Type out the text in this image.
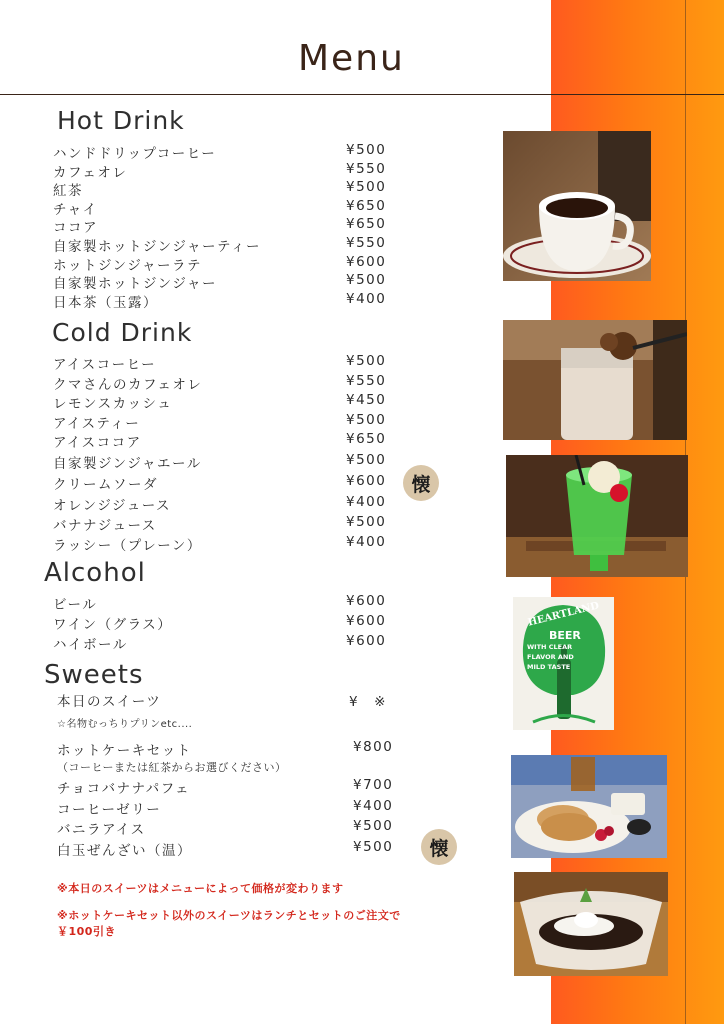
Menu
Hot Drink
ハンドドリップコーヒー	¥500
カフェオレ	¥550
紅茶	¥500
チャイ	¥650
ココア	¥650
自家製ホットジンジャーティー	¥550
ホットジンジャーラテ	¥600
自家製ホットジンジャー	¥500
日本茶（玉露）	¥400
Cold Drink
アイスコーヒー	¥500
クマさんのカフェオレ	¥550
レモンスカッシュ	¥450
アイスティー	¥500
アイスココア	¥650
自家製ジンジャエール	¥500
クリームソーダ	¥600
オレンジジュース	¥400
バナナジュース	¥500
ラッシー（プレーン）	¥400
Alcohol
ビール	¥600
ワイン（グラス）	¥600
ハイボール	¥600
Sweets
本日のスイーツ	¥　※
☆名物むっちりプリンetc....
ホットケーキセット	¥800
（コーヒーまたは紅茶からお選びください）
チョコバナナパフェ	¥700
コーヒーゼリー	¥400
バニラアイス	¥500
白玉ぜんざい（温）	¥500
※本日のスイーツはメニューによって価格が変わります
※ホットケーキセット以外のスイーツはランチとセットのご注文で
￥100引き
懐
懐
HEARTLAND
BEER
WITH CLEAR
FLAVOR AND
MILD TASTE
